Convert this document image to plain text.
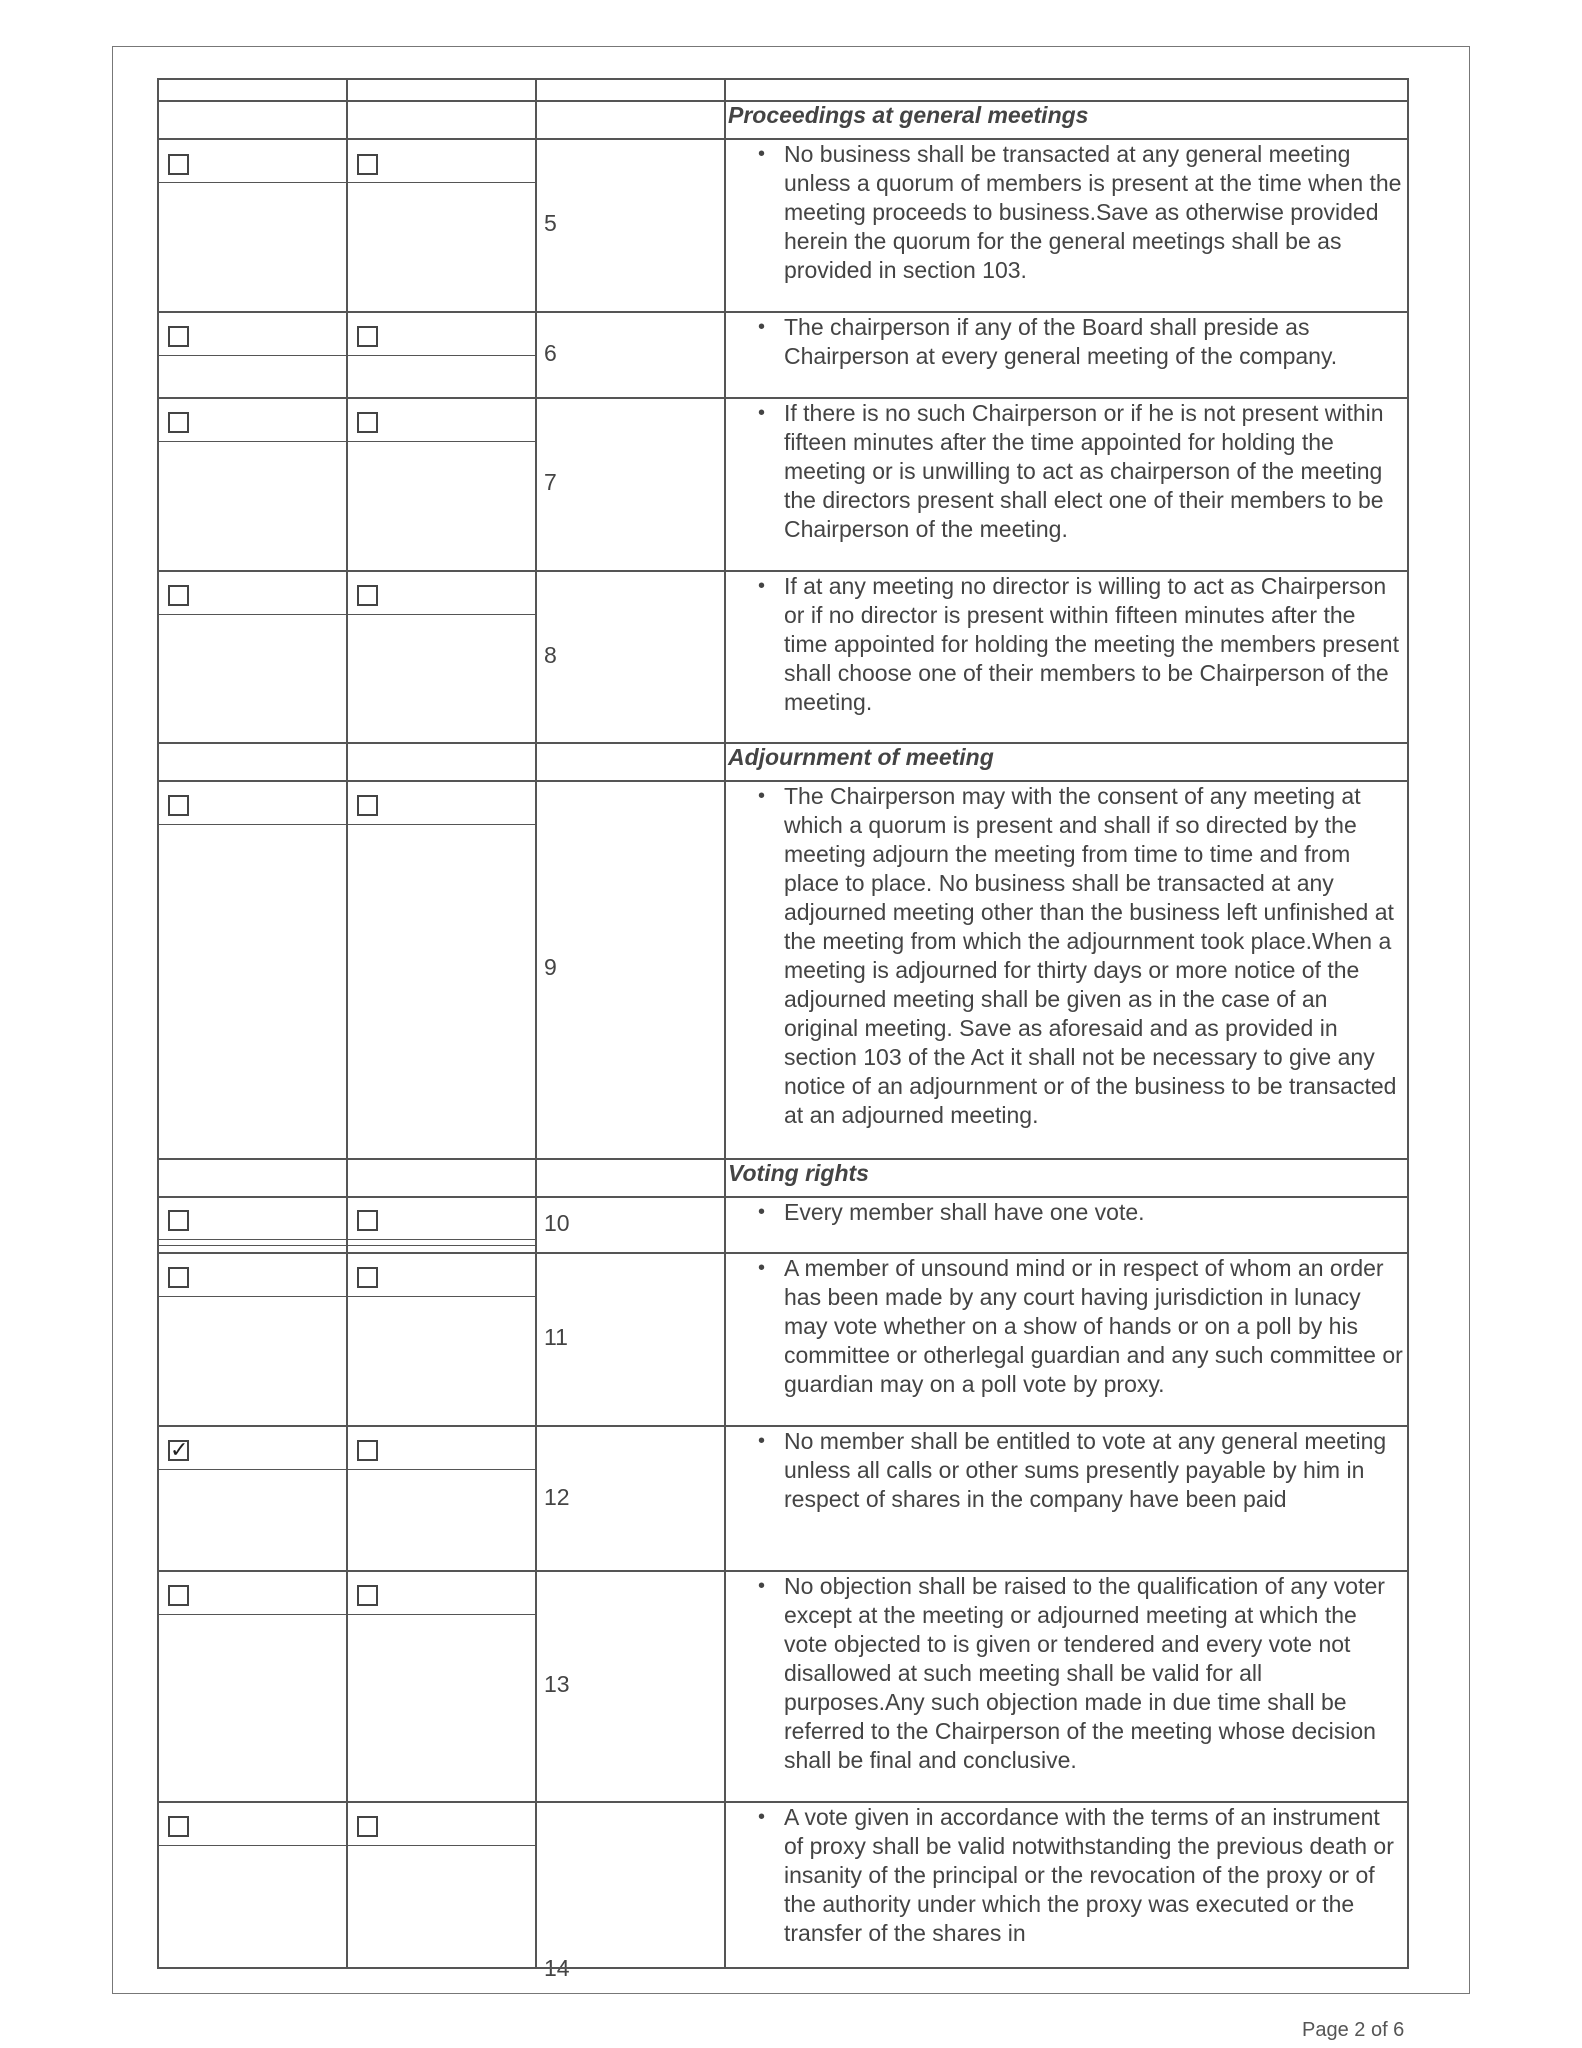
Proceedings at general meetings
5
• No business shall be transacted at any general meeting unless a quorum of members is present at the time when the meeting proceeds to business.Save as otherwise provided herein the quorum for the general meetings shall be as provided in section 103.
6
• The chairperson if any of the Board shall preside as Chairperson at every general meeting of the company.
7
• If there is no such Chairperson or if he is not present within fifteen minutes after the time appointed for holding the meeting or is unwilling to act as chairperson of the meeting the directors present shall elect one of their members to be Chairperson of the meeting.
8
• If at any meeting no director is willing to act as Chairperson or if no director is present within fifteen minutes after the time appointed for holding the meeting the members present shall choose one of their members to be Chairperson of the meeting.
Adjournment of meeting
9
• The Chairperson may with the consent of any meeting at which a quorum is present and shall if so directed by the meeting adjourn the meeting from time to time and from place to place. No business shall be transacted at any adjourned meeting other than the business left unfinished at the meeting from which the adjournment took place.When a meeting is adjourned for thirty days or more notice of the adjourned meeting shall be given as in the case of an original meeting. Save as aforesaid and as provided in section 103 of the Act it shall not be necessary to give any notice of an adjournment or of the business to be transacted at an adjourned meeting.
Voting rights
10
•	Every member shall have one vote.
11
• A member of unsound mind or in respect of whom an order has been made by any court having jurisdiction in lunacy may vote whether on a show of hands or on a poll by his committee or otherlegal guardian and any such committee or guardian may on a poll vote by proxy.
✓
12
• No member shall be entitled to vote at any general meeting unless all calls or other sums presently payable by him in respect of shares in the company have been paid
13
• No objection shall be raised to the qualification of any voter except at the meeting or adjourned meeting at which the vote objected to is given or tendered and every vote not disallowed at such meeting shall be valid for all purposes.Any such objection made in due time shall be referred to the Chairperson of the meeting whose decision shall be final and conclusive.
14
• A vote given in accordance with the terms of an instrument of proxy shall be valid notwithstanding the previous death or insanity of the principal or the revocation of the proxy or of the authority under which the proxy was executed or the transfer of the shares in
Page 2 of 6
